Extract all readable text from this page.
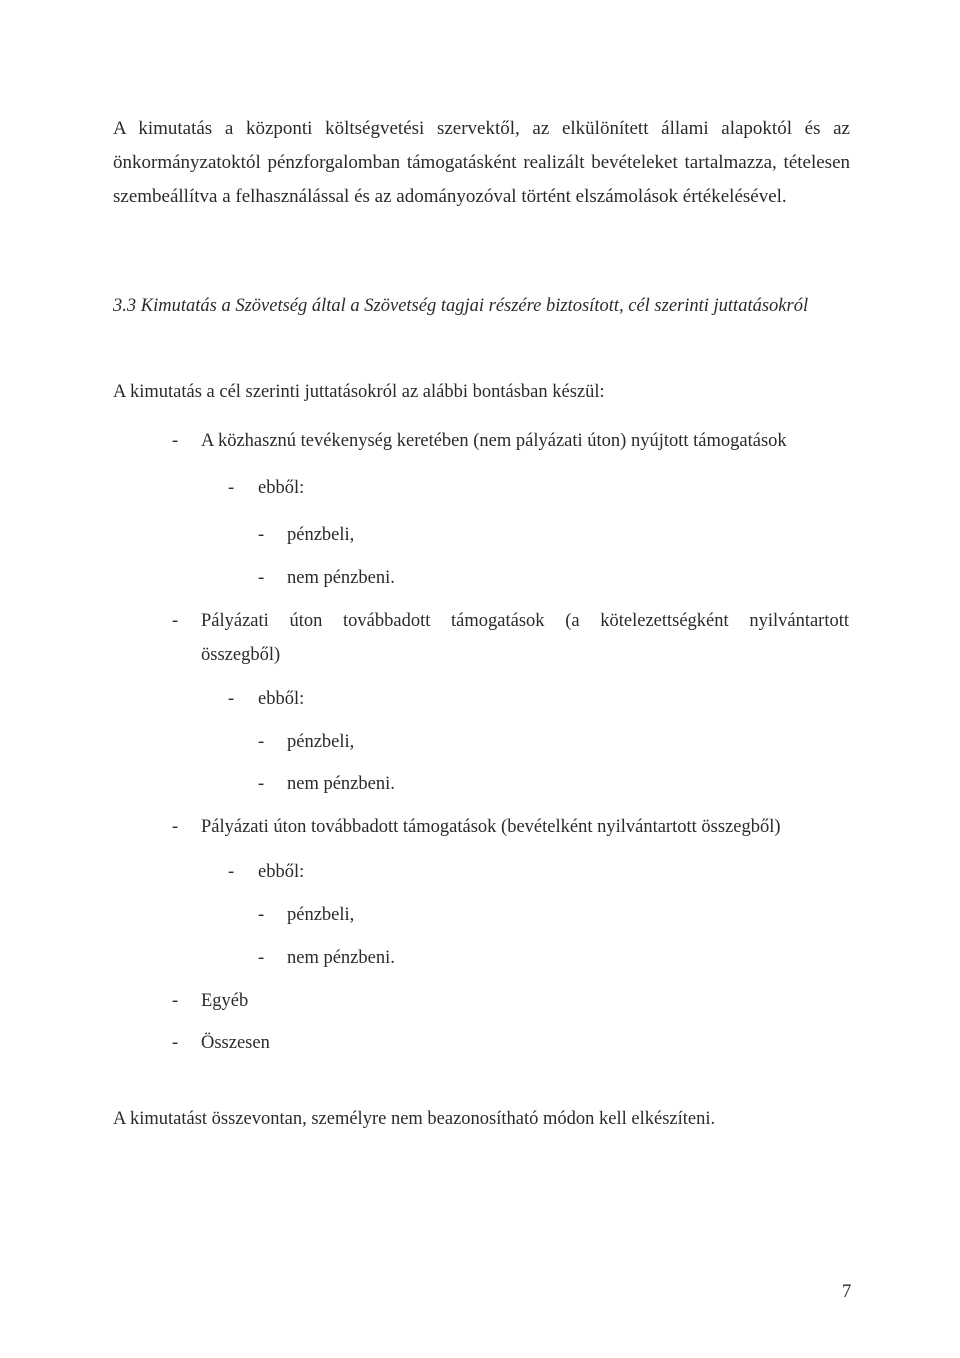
A kimutatás a központi költségvetési szervektől, az elkülönített állami alapoktól és az önkormányzatoktól pénzforgalomban támogatásként realizált bevételeket tartalmazza, tételesen szembeállítva a felhasználással és az adományozóval történt elszámolások értékelésével.

3.3 Kimutatás a Szövetség által a Szövetség tagjai részére biztosított, cél szerinti juttatásokról

A kimutatás a cél szerinti juttatásokról az alábbi bontásban készül:

-	A közhasznú tevékenység keretében (nem pályázati úton) nyújtott támogatások
-	ebből:
-	pénzbeli,
-	nem pénzbeni.
-	Pályázati úton továbbadott támogatások (a kötelezettségként nyilvántartott
összegből)
-	ebből:
-	pénzbeli,
-	nem pénzbeni.
-	Pályázati úton továbbadott támogatások (bevételként nyilvántartott összegből)
-	ebből:
-	pénzbeli,
-	nem pénzbeni.
-	Egyéb
-	Összesen

A kimutatást összevontan, személyre nem beazonosítható módon kell elkészíteni.

7
